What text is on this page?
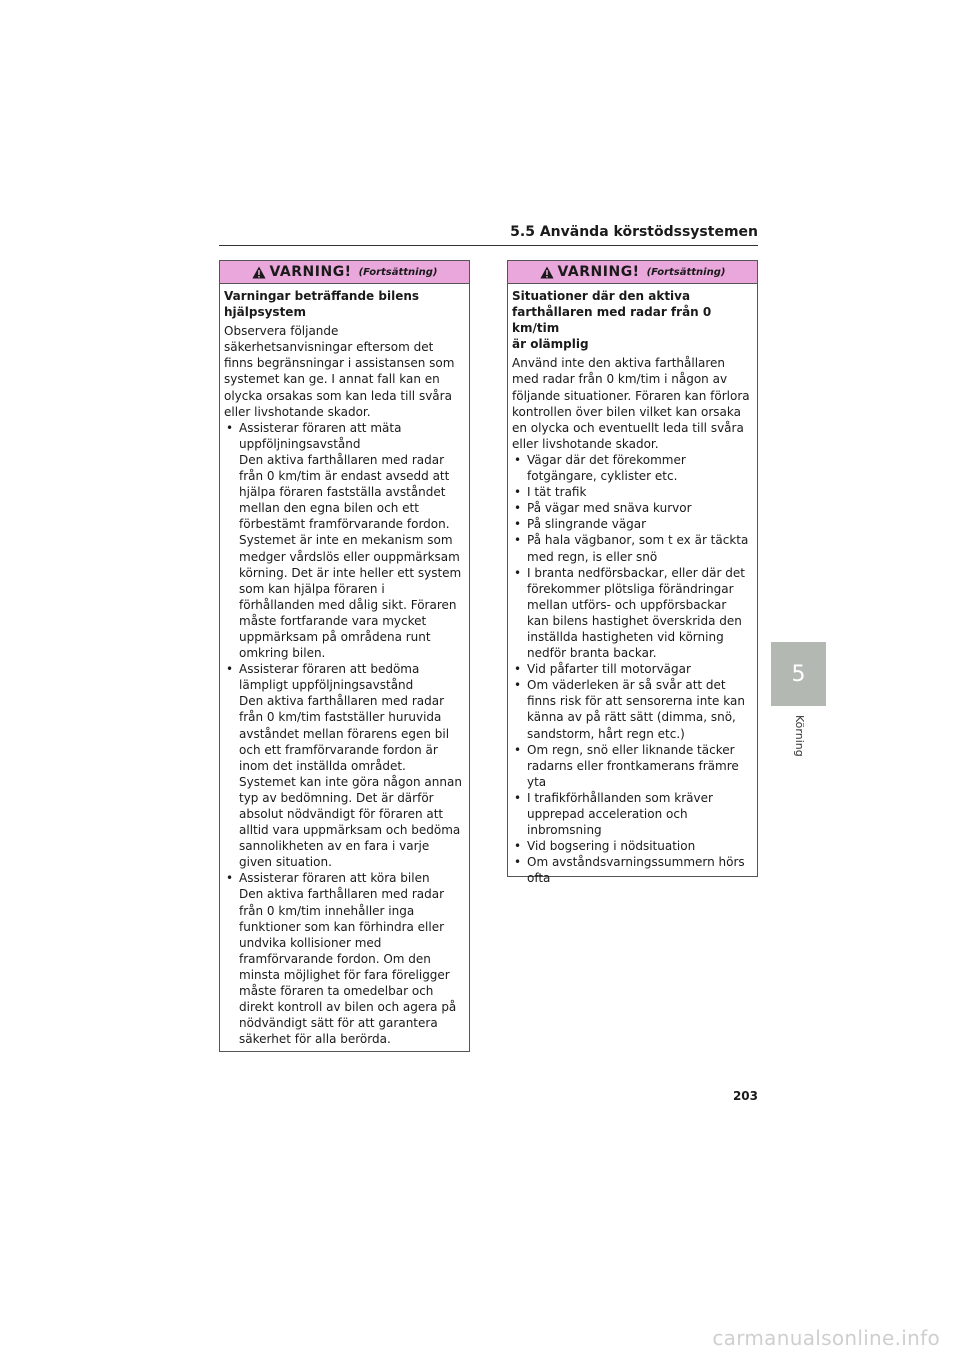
5.5 Använda körstödssystemen
VARNING! (Fortsättning)
Varningar beträffande bilens
hjälpsystem

Observera följande säkerhetsanvisningar eftersom det finns begränsningar i assistansen som systemet kan ge. I annat fall kan en olycka orsakas som kan leda till svåra eller livshotande skador.

• Assisterar föraren att mäta uppföljningsavstånd
Den aktiva farthållaren med radar från 0 km/tim är endast avsedd att hjälpa föraren fastställa avståndet mellan den egna bilen och ett förbestämt framförvarande fordon. Systemet är inte en mekanism som medger vårdslös eller ouppmärksam körning. Det är inte heller ett system som kan hjälpa föraren i förhållanden med dålig sikt. Föraren måste fortfarande vara mycket uppmärksam på områdena runt omkring bilen.
• Assisterar föraren att bedöma lämpligt uppföljningsavstånd
Den aktiva farthållaren med radar från 0 km/tim fastställer huruvida avståndet mellan förarens egen bil och ett framförvarande fordon är inom det inställda området. Systemet kan inte göra någon annan typ av bedömning. Det är därför absolut nödvändigt för föraren att alltid vara uppmärksam och bedöma sannolikheten av en fara i varje given situation.
• Assisterar föraren att köra bilen
Den aktiva farthållaren med radar från 0 km/tim innehåller inga funktioner som kan förhindra eller undvika kollisioner med framförvarande fordon. Om den minsta möjlighet för fara föreligger måste föraren ta omedelbar och direkt kontroll av bilen och agera på nödvändigt sätt för att garantera säkerhet för alla berörda.
VARNING! (Fortsättning)
Situationer där den aktiva
farthållaren med radar från 0 km/tim
är olämplig

Använd inte den aktiva farthållaren med radar från 0 km/tim i någon av följande situationer. Föraren kan förlora kontrollen över bilen vilket kan orsaka en olycka och eventuellt leda till svåra eller livshotande skador.

• Vägar där det förekommer fotgängare, cyklister etc.
• I tät trafik
• På vägar med snäva kurvor
• På slingrande vägar
• På hala vägbanor, som t ex är täckta med regn, is eller snö
• I branta nedförsbackar, eller där det förekommer plötsliga förändringar mellan utförs- och uppförsbackar kan bilens hastighet överskrida den inställda hastigheten vid körning nedför branta backar.
• Vid påfarter till motorvägar
• Om väderleken är så svår att det finns risk för att sensorerna inte kan känna av på rätt sätt (dimma, snö, sandstorm, hårt regn etc.)
• Om regn, snö eller liknande täcker radarns eller frontkamerans främre yta
• I trafikförhållanden som kräver upprepad acceleration och inbromsning
• Vid bogsering i nödsituation
• Om avståndsvarningssummern hörs ofta
5
Körning
203
carmanualsonline.info
